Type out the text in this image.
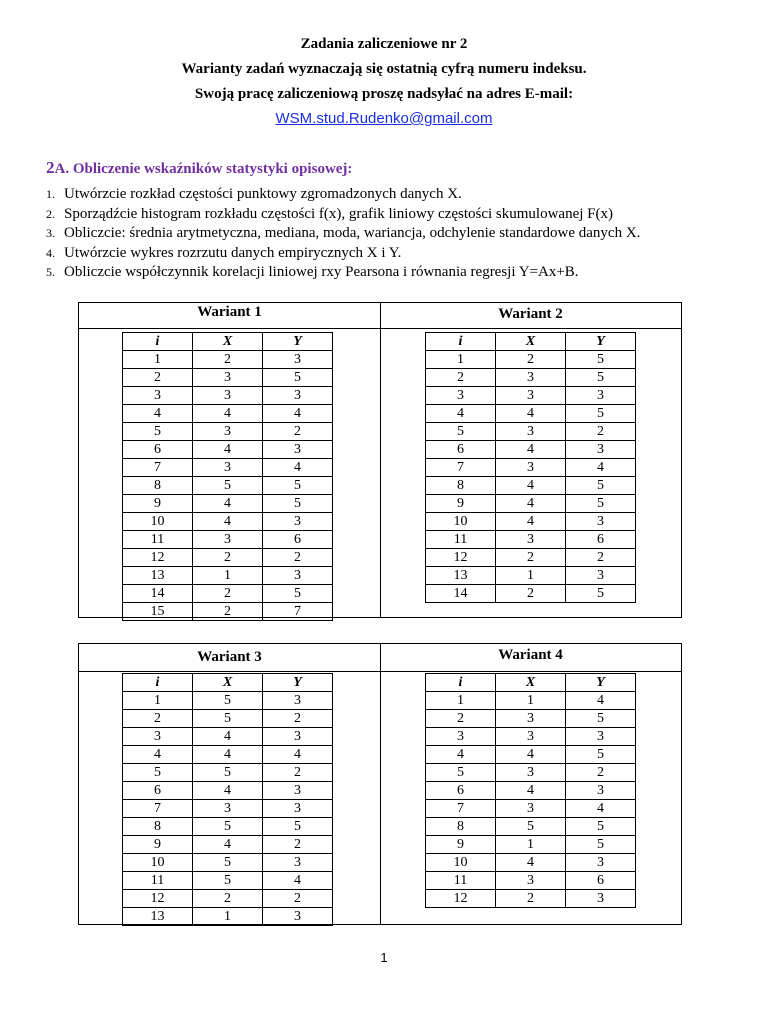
Zadania zaliczeniowe nr 2
Warianty zadań wyznaczają się ostatnią cyfrą numeru indeksu.
Swoją pracę zaliczeniową proszę nadsyłać na adres E-mail:
WSM.stud.Rudenko@gmail.com
2A. Obliczenie wskaźników statystyki opisowej:
1. Utwórzcie rozkład częstości punktowy zgromadzonych danych X.
2. Sporządźcie histogram rozkładu częstości f(x), grafik liniowy częstości skumulowanej F(x)
3. Obliczcie: średnia arytmetyczna, mediana, moda, wariancja, odchylenie standardowe danych X.
4. Utwórzcie wykres rozrzutu danych empirycznych X i Y.
5. Obliczcie współczynnik korelacji liniowej rxy Pearsona i równania regresji Y=Ax+B.
Wariant 1
i	X	Y
1	2	3
2	3	5
3	3	3
4	4	4
5	3	2
6	4	3
7	3	4
8	5	5
9	4	5
10	4	3
11	3	6
12	2	2
13	1	3
14	2	5
15	2	7
Wariant 2
i	X	Y
1	2	5
2	3	5
3	3	3
4	4	5
5	3	2
6	4	3
7	3	4
8	4	5
9	4	5
10	4	3
11	3	6
12	2	2
13	1	3
14	2	5
Wariant 3
i	X	Y
1	5	3
2	5	2
3	4	3
4	4	4
5	5	2
6	4	3
7	3	3
8	5	5
9	4	2
10	5	3
11	5	4
12	2	2
13	1	3
Wariant 4
i	X	Y
1	1	4
2	3	5
3	3	3
4	4	5
5	3	2
6	4	3
7	3	4
8	5	5
9	1	5
10	4	3
11	3	6
12	2	3
1
